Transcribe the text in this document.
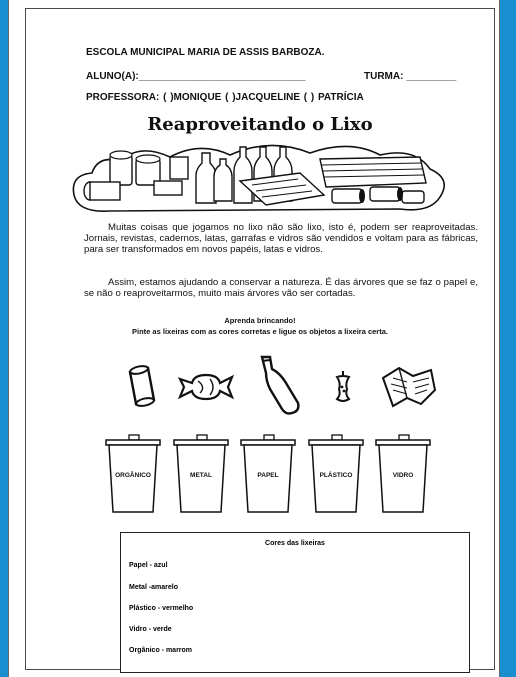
ESCOLA MUNICIPAL MARIA DE ASSIS BARBOZA.
ALUNO(A):______________________________	TURMA: _________
PROFESSORA: ( )MONIQUE ( )JACQUELINE ( ) PATRÍCIA
Reaproveitando o Lixo
Muitas coisas que jogamos no lixo não são lixo, isto é, podem ser reaproveitadas. Jornais, revistas, cadernos, latas, garrafas e vidros são vendidos e voltam para as fábricas, para ser transformados em novos papéis, latas e vidros.
Assim, estamos ajudando a conservar a natureza. É das árvores que se faz o papel e, se não o reaproveitarmos, muito mais árvores vão ser cortadas.
Aprenda brincando!
Pinte as lixeiras com as cores corretas e ligue os objetos a lixeira certa.
ORGÂNICO	METAL	PAPEL	PLÁSTICO	VIDRO
Cores das lixeiras
Papel - azul
Metal -amarelo
Plástico - vermelho
Vidro - verde
Orgânico - marrom
